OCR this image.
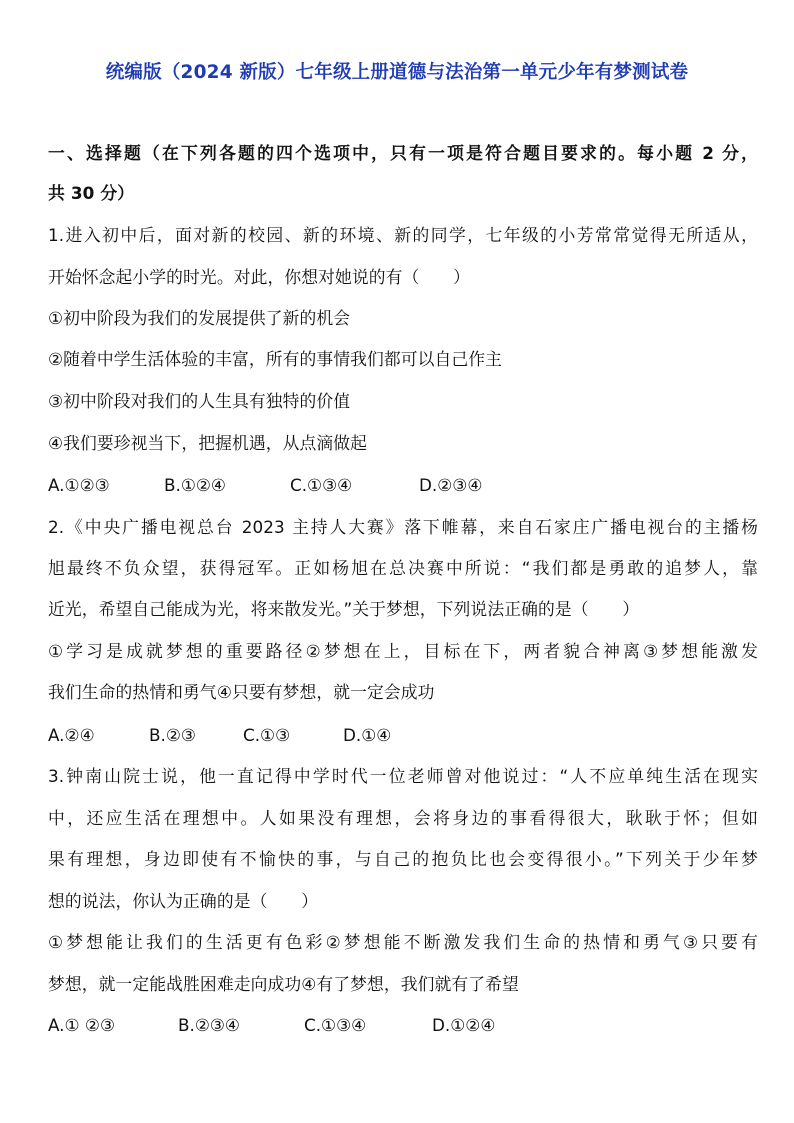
统编版（2024 新版）七年级上册道德与法治第一单元少年有梦测试卷
一、选择题（在下列各题的四个选项中，只有一项是符合题目要求的。每小题 2 分，
共 30 分）
1.进入初中后，面对新的校园、新的环境、新的同学，七年级的小芳常常觉得无所适从，
开始怀念起小学的时光。对此，你想对她说的有（　　）
①初中阶段为我们的发展提供了新的机会
②随着中学生活体验的丰富，所有的事情我们都可以自己作主
③初中阶段对我们的人生具有独特的价值
④我们要珍视当下，把握机遇，从点滴做起
A.①②③	B.①②④	C.①③④	D.②③④
2.《中央广播电视总台 2023 主持人大赛》落下帷幕，来自石家庄广播电视台的主播杨
旭最终不负众望，获得冠军。正如杨旭在总决赛中所说：“我们都是勇敢的追梦人，靠
近光，希望自己能成为光，将来散发光。”关于梦想，下列说法正确的是（　　）
①学习是成就梦想的重要路径②梦想在上，目标在下，两者貌合神离③梦想能激发
我们生命的热情和勇气④只要有梦想，就一定会成功
A.②④	B.②③	C.①③	D.①④
3.钟南山院士说，他一直记得中学时代一位老师曾对他说过：“人不应单纯生活在现实
中，还应生活在理想中。人如果没有理想，会将身边的事看得很大，耿耿于怀；但如
果有理想，身边即使有不愉快的事，与自己的抱负比也会变得很小。”下列关于少年梦
想的说法，你认为正确的是（　　）
①梦想能让我们的生活更有色彩②梦想能不断激发我们生命的热情和勇气③只要有
梦想，就一定能战胜困难走向成功④有了梦想，我们就有了希望
A.① ②③	B.②③④	C.①③④	D.①②④
